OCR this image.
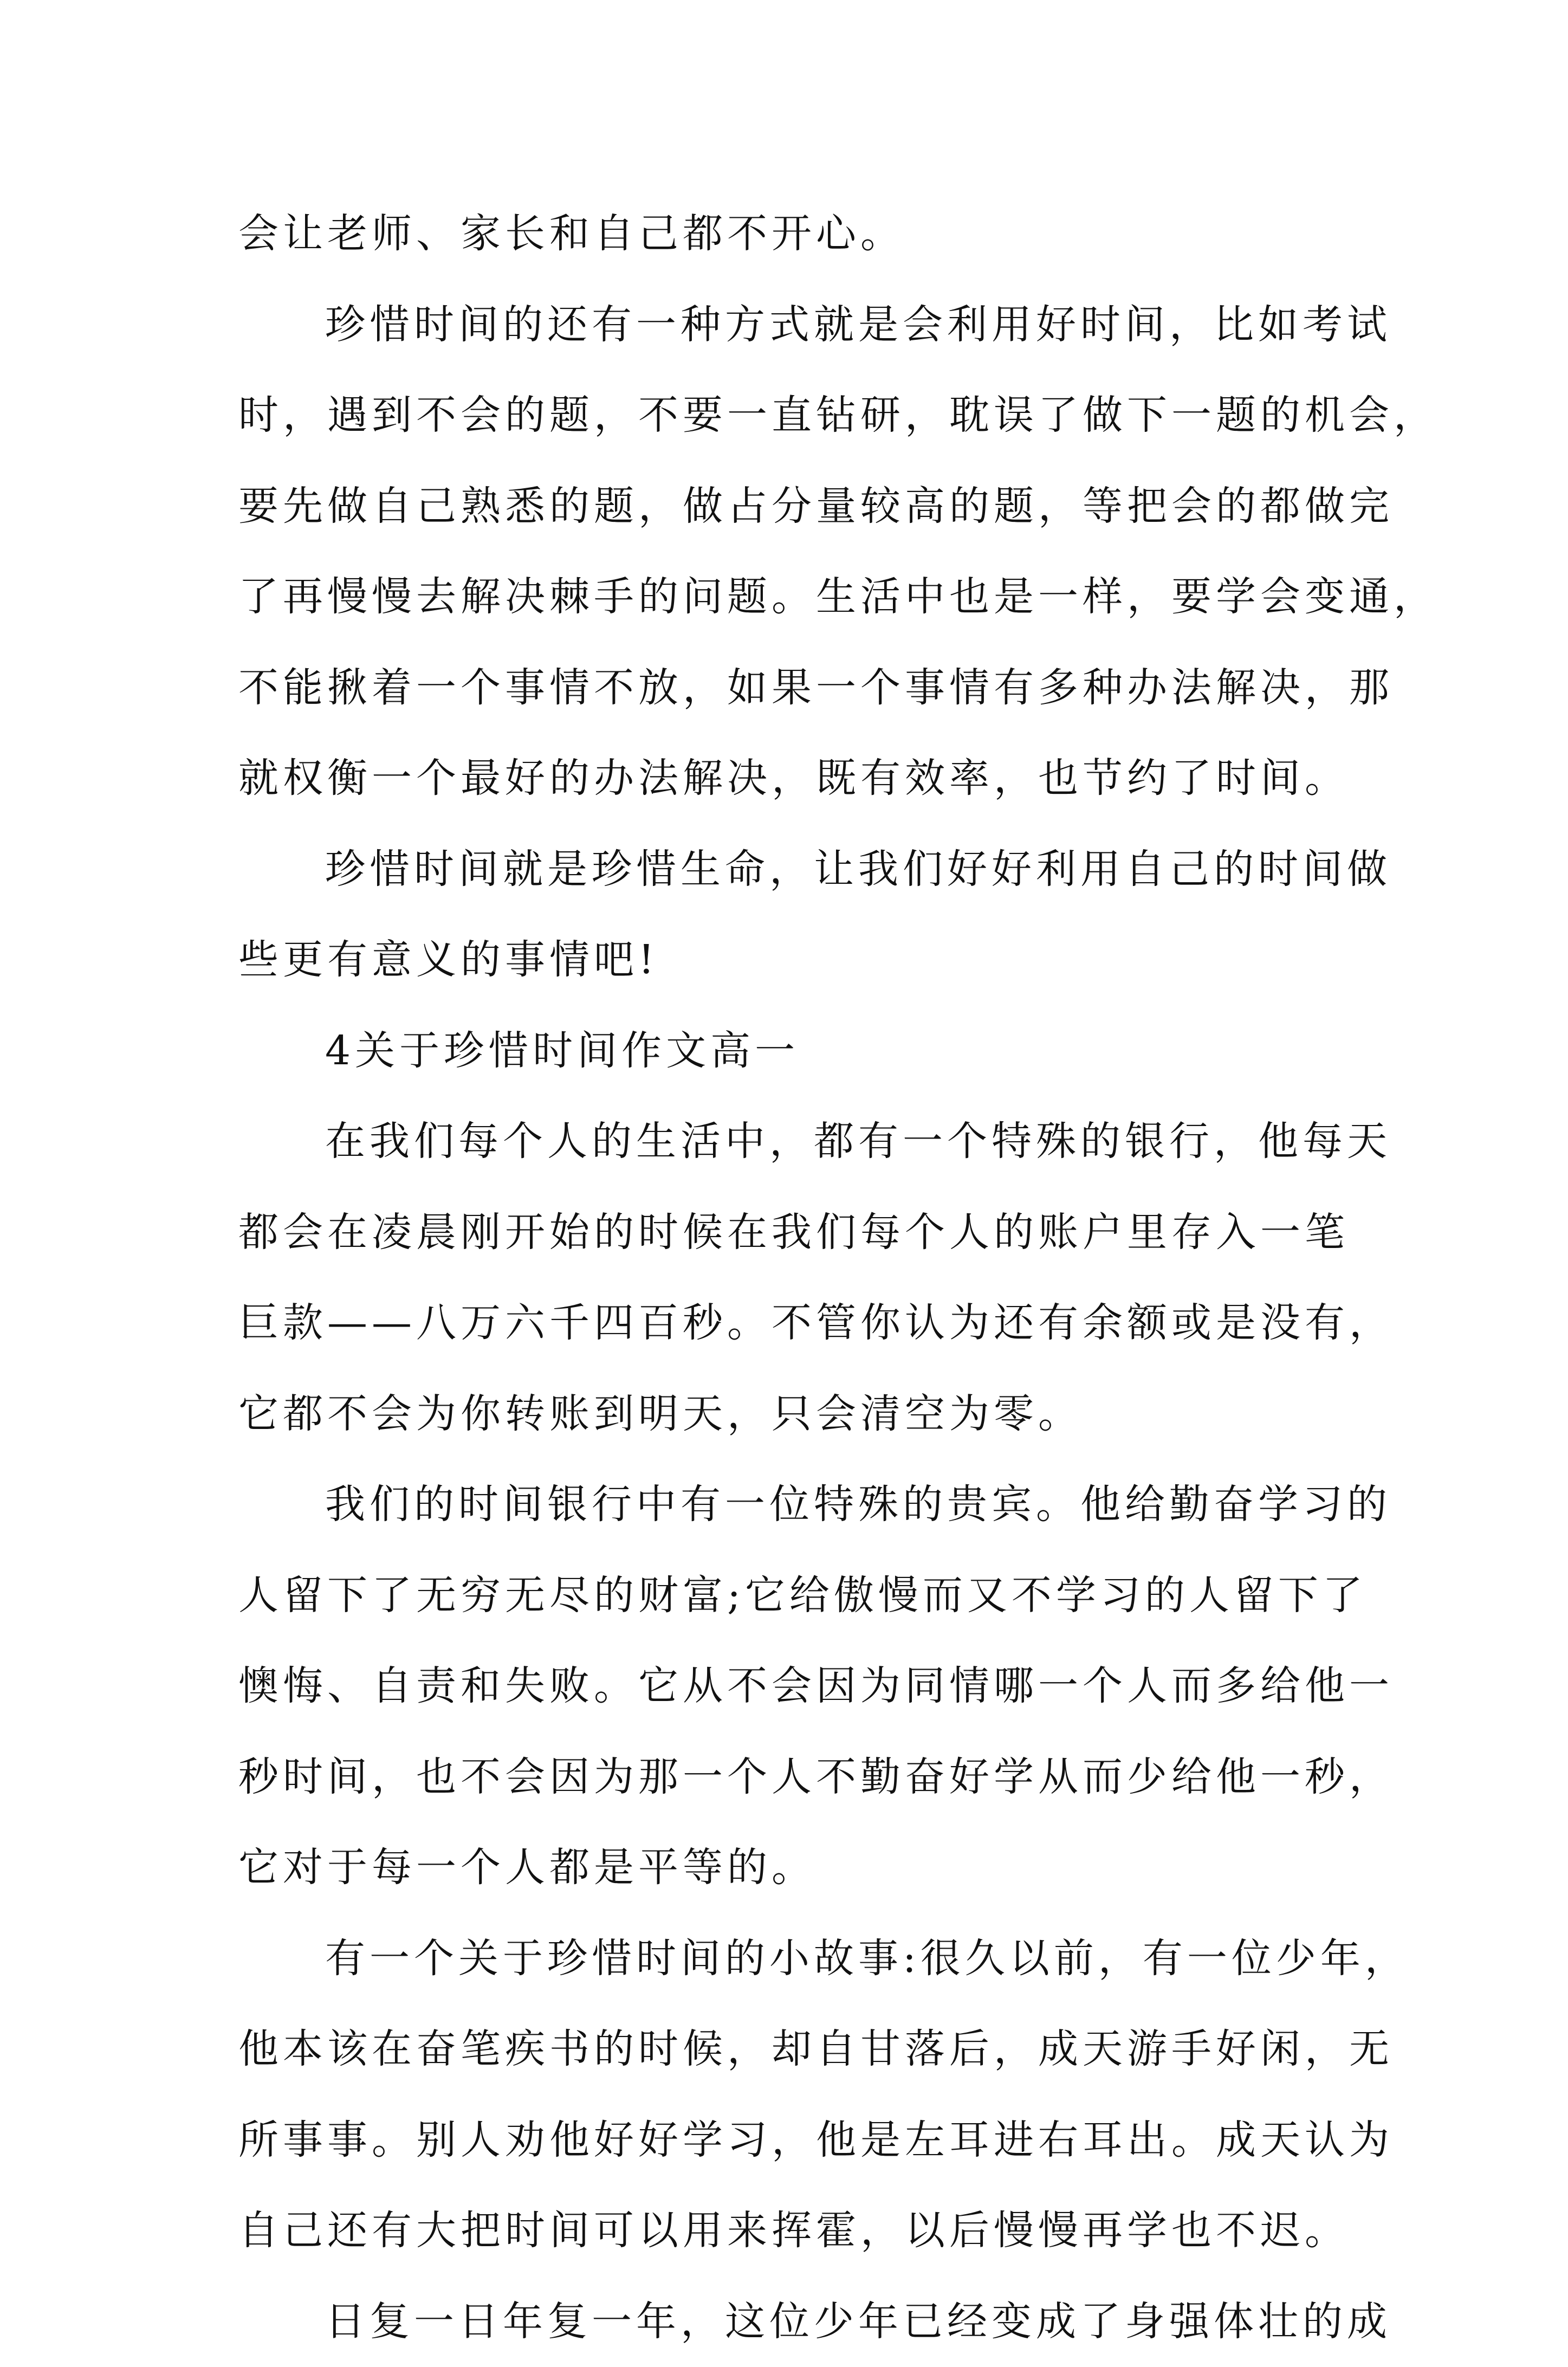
会让老师、家长和自己都不开心。
珍惜时间的还有一种方式就是会利用好时间，比如考试
时，遇到不会的题，不要一直钻研，耽误了做下一题的机会，
要先做自己熟悉的题，做占分量较高的题，等把会的都做完
了再慢慢去解决棘手的问题。生活中也是一样，要学会变通，
不能揪着一个事情不放，如果一个事情有多种办法解决，那
就权衡一个最好的办法解决，既有效率，也节约了时间。
珍惜时间就是珍惜生命，让我们好好利用自己的时间做
些更有意义的事情吧!
4关于珍惜时间作文高一
在我们每个人的生活中，都有一个特殊的银行，他每天
都会在凌晨刚开始的时候在我们每个人的账户里存入一笔
巨款——八万六千四百秒。不管你认为还有余额或是没有，
它都不会为你转账到明天，只会清空为零。
我们的时间银行中有一位特殊的贵宾。他给勤奋学习的
人留下了无穷无尽的财富;它给傲慢而又不学习的人留下了
懊悔、自责和失败。它从不会因为同情哪一个人而多给他一
秒时间，也不会因为那一个人不勤奋好学从而少给他一秒，
它对于每一个人都是平等的。
有一个关于珍惜时间的小故事:很久以前，有一位少年，
他本该在奋笔疾书的时候，却自甘落后，成天游手好闲，无
所事事。别人劝他好好学习，他是左耳进右耳出。成天认为
自己还有大把时间可以用来挥霍，以后慢慢再学也不迟。
日复一日年复一年，这位少年已经变成了身强体壮的成
